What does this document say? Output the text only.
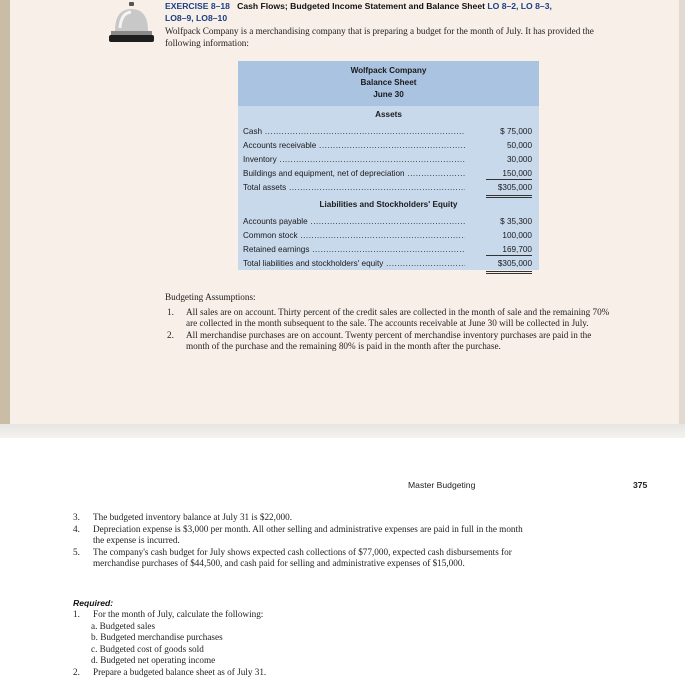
EXERCISE 8–18 Cash Flows; Budgeted Income Statement and Balance Sheet LO 8–2, LO 8–3,
LO8–9, LO8–10
Wolfpack Company is a merchandising company that is preparing a budget for the month of July. It has provided the following information:
Wolfpack Company
Balance Sheet
June 30
Assets
Cash .....	$ 75,000
Accounts receivable .....	50,000
Inventory .....	30,000
Buildings and equipment, net of depreciation .....	150,000
Total assets .....	$305,000
Liabilities and Stockholders' Equity
Accounts payable .....	$ 35,300
Common stock .....	100,000
Retained earnings .....	169,700
Total liabilities and stockholders' equity .....	$305,000
Budgeting Assumptions:
1. All sales are on account. Thirty percent of the credit sales are collected in the month of sale and the remaining 70% are collected in the month subsequent to the sale. The accounts receivable at June 30 will be collected in July.
2. All merchandise purchases are on account. Twenty percent of merchandise inventory purchases are paid in the month of the purchase and the remaining 80% is paid in the month after the purchase.
Master Budgeting	375
3. The budgeted inventory balance at July 31 is $22,000.
4. Depreciation expense is $3,000 per month. All other selling and administrative expenses are paid in full in the month the expense is incurred.
5. The company's cash budget for July shows expected cash collections of $77,000, expected cash disbursements for merchandise purchases of $44,500, and cash paid for selling and administrative expenses of $15,000.
Required:
1. For the month of July, calculate the following:
a. Budgeted sales
b. Budgeted merchandise purchases
c. Budgeted cost of goods sold
d. Budgeted net operating income
2. Prepare a budgeted balance sheet as of July 31.
